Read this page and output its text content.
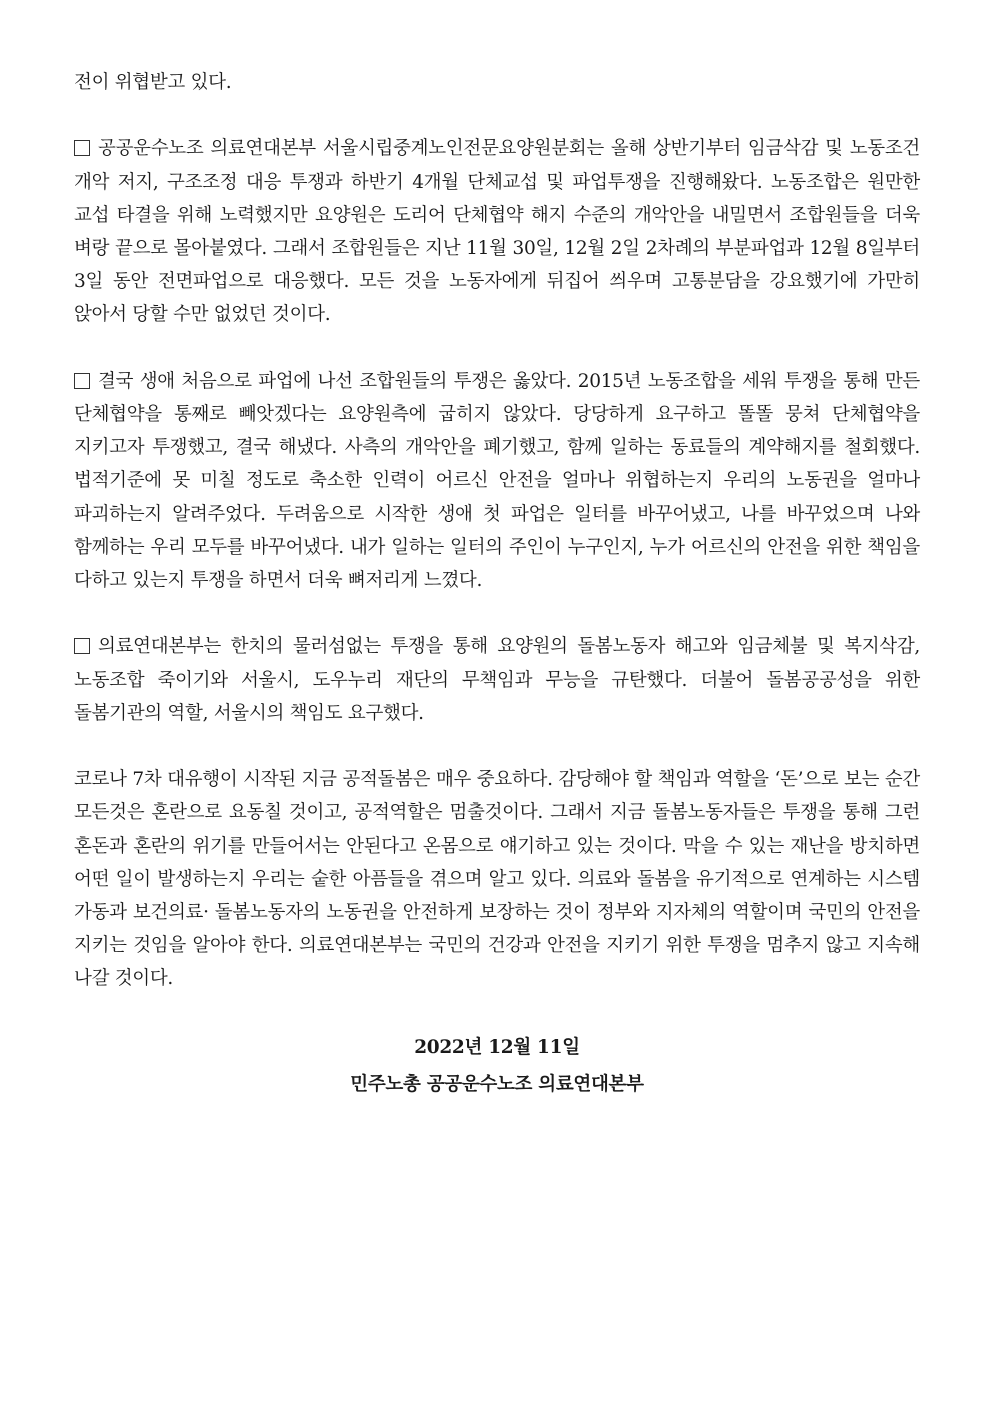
전이 위협받고 있다.

공공운수노조 의료연대본부 서울시립중계노인전문요양원분회는 올해 상반기부터 임금삭감 및 노동조건 개악 저지, 구조조정 대응 투쟁과 하반기 4개월 단체교섭 및 파업투쟁을 진행해왔다. 노동조합은 원만한 교섭 타결을 위해 노력했지만 요양원은 도리어 단체협약 해지 수준의 개악안을 내밀면서 조합원들을 더욱 벼랑 끝으로 몰아붙였다. 그래서 조합원들은 지난 11월 30일, 12월 2일 2차례의 부분파업과 12월 8일부터 3일 동안 전면파업으로 대응했다. 모든 것을 노동자에게 뒤집어 씌우며 고통분담을 강요했기에 가만히 앉아서 당할 수만 없었던 것이다.

결국 생애 처음으로 파업에 나선 조합원들의 투쟁은 옳았다. 2015년 노동조합을 세워 투쟁을 통해 만든 단체협약을 통째로 빼앗겠다는 요양원측에 굽히지 않았다. 당당하게 요구하고 똘똘 뭉쳐 단체협약을 지키고자 투쟁했고, 결국 해냈다. 사측의 개악안을 폐기했고, 함께 일하는 동료들의 계약해지를 철회했다. 법적기준에 못 미칠 정도로 축소한 인력이 어르신 안전을 얼마나 위협하는지 우리의 노동권을 얼마나 파괴하는지 알려주었다. 두려움으로 시작한 생애 첫 파업은 일터를 바꾸어냈고, 나를 바꾸었으며 나와 함께하는 우리 모두를 바꾸어냈다. 내가 일하는 일터의 주인이 누구인지, 누가 어르신의 안전을 위한 책임을 다하고 있는지 투쟁을 하면서 더욱 뼈저리게 느꼈다.

의료연대본부는 한치의 물러섬없는 투쟁을 통해 요양원의 돌봄노동자 해고와 임금체불 및 복지삭감, 노동조합 죽이기와 서울시, 도우누리 재단의 무책임과 무능을 규탄했다. 더불어 돌봄공공성을 위한 돌봄기관의 역할, 서울시의 책임도 요구했다.

코로나 7차 대유행이 시작된 지금 공적돌봄은 매우 중요하다. 감당해야 할 책임과 역할을 ‘돈’으로 보는 순간 모든것은 혼란으로 요동칠 것이고, 공적역할은 멈출것이다. 그래서 지금 돌봄노동자들은 투쟁을 통해 그런 혼돈과 혼란의 위기를 만들어서는 안된다고 온몸으로 얘기하고 있는 것이다. 막을 수 있는 재난을 방치하면 어떤 일이 발생하는지 우리는 숱한 아픔들을 겪으며 알고 있다. 의료와 돌봄을 유기적으로 연계하는 시스템 가동과 보건의료· 돌봄노동자의 노동권을 안전하게 보장하는 것이 정부와 지자체의 역할이며 국민의 안전을 지키는 것임을 알아야 한다. 의료연대본부는 국민의 건강과 안전을 지키기 위한 투쟁을 멈추지 않고 지속해 나갈 것이다.

2022년 12월 11일
민주노총 공공운수노조 의료연대본부
